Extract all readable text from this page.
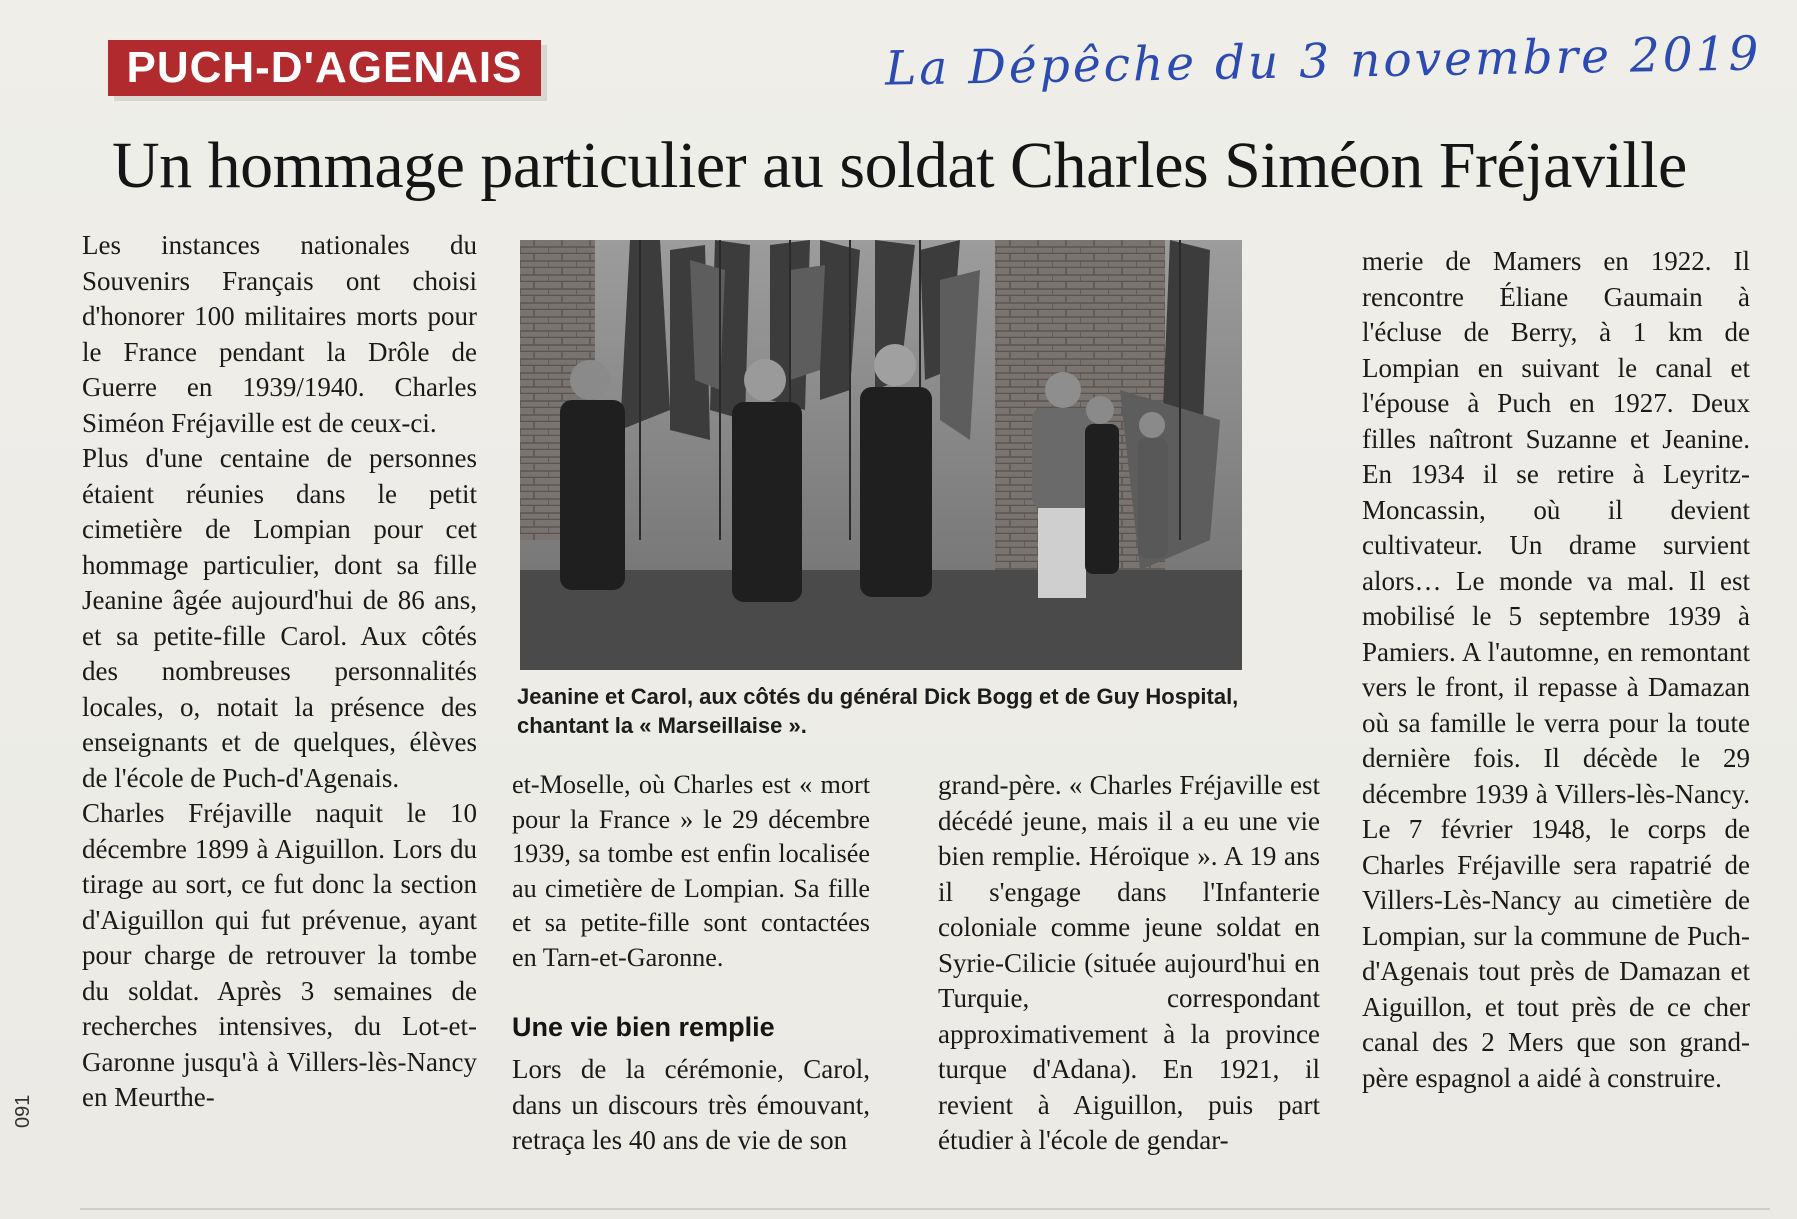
PUCH-D'AGENAIS	La Dépêche du 3 novembre 2019
Un hommage particulier au soldat Charles Siméon Fréjaville

Les instances nationales du Souvenirs Français ont choisi d'honorer 100 militaires morts pour le France pendant la Drôle de Guerre en 1939/1940. Charles Siméon Fréjaville est de ceux-ci.

Plus d'une centaine de personnes étaient réunies dans le petit cimetière de Lompian pour cet hommage particulier, dont sa fille Jeanine âgée aujourd'hui de 86 ans, et sa petite-fille Carol. Aux côtés des nombreuses personnalités locales, o, notait la présence des enseignants et de quelques, élèves de l'école de Puch-d'Agenais.

Charles Fréjaville naquit le 10 décembre 1899 à Aiguillon. Lors du tirage au sort, ce fut donc la section d'Aiguillon qui fut prévenue, ayant pour charge de retrouver la tombe du soldat. Après 3 semaines de recherches intensives, du Lot-et-Garonne jusqu'à à Villers-lès-Nancy en Meurthe-

Jeanine et Carol, aux côtés du général Dick Bogg et de Guy Hospital, chantant la « Marseillaise ».

et-Moselle, où Charles est « mort pour la France » le 29 décembre 1939, sa tombe est enfin localisée au cimetière de Lompian. Sa fille et sa petite-fille sont contactées en Tarn-et-Garonne.

Une vie bien remplie

Lors de la cérémonie, Carol, dans un discours très émouvant, retraça les 40 ans de vie de son

grand-père. « Charles Fréjaville est décédé jeune, mais il a eu une vie bien remplie. Héroïque ». A 19 ans il s'engage dans l'Infanterie coloniale comme jeune soldat en Syrie-Cilicie (située aujourd'hui en Turquie, correspondant approximativement à la province turque d'Adana). En 1921, il revient à Aiguillon, puis part étudier à l'école de gendar-

merie de Mamers en 1922. Il rencontre Éliane Gaumain à l'écluse de Berry, à 1 km de Lompian en suivant le canal et l'épouse à Puch en 1927. Deux filles naîtront Suzanne et Jeanine. En 1934 il se retire à Leyritz-Moncassin, où il devient cultivateur. Un drame survient alors… Le monde va mal. Il est mobilisé le 5 septembre 1939 à Pamiers. A l'automne, en remontant vers le front, il repasse à Damazan où sa famille le verra pour la toute dernière fois. Il décède le 29 décembre 1939 à Villers-lès-Nancy. Le 7 février 1948, le corps de Charles Fréjaville sera rapatrié de Villers-Lès-Nancy au cimetière de Lompian, sur la commune de Puch-d'Agenais tout près de Damazan et Aiguillon, et tout près de ce cher canal des 2 Mers que son grand-père espagnol a aidé à construire.

091
